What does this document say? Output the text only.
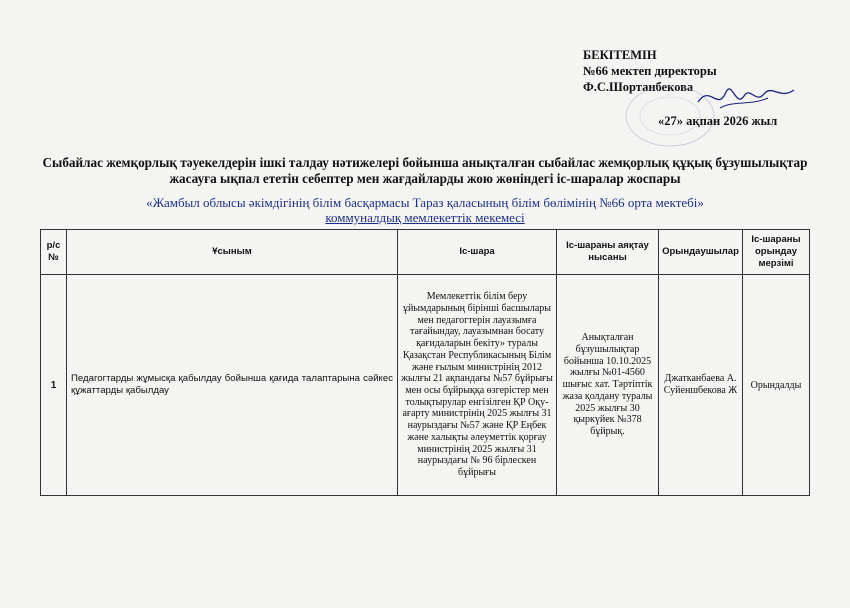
БЕКІТЕМІН
№66 мектеп директоры
Ф.С.Шортанбекова
«27» ақпан 2026 жыл
Сыбайлас жемқорлық тәуекелдерін ішкі талдау нәтижелері бойынша анықталған сыбайлас жемқорлық құқық бұзушылықтар жасауға ықпал ететін себептер мен жағдайларды жою жөніндегі іс-шаралар жоспары
«Жамбыл облысы әкімдігінің білім басқармасы Тараз қаласының білім бөлімінің №66 орта мектебі»
коммуналдық мемлекеттік мекемесі
р/с №	Ұсыным	Іс-шара	Іс-шараны аяқтау нысаны	Орындаушылар	Іс-шараны орындау мерзімі
1	Педагогтарды жұмысқа қабылдау бойынша қағида талаптарына сәйкес құжаттарды қабылдау	Мемлекеттік білім беру ұйымдарының бірінші басшылары мен педагогтерін лауазымға тағайындау, лауазымнан босату қағидаларын бекіту» туралы Қазақстан Республикасының Білім және ғылым министрінің 2012 жылғы 21 ақпандағы №57 бұйрығы мен осы бұйрыққа өзгерістер мен толықтырулар енгізілген ҚР Оқу-ағарту министрінің 2025 жылғы 31 наурыздағы №57 және ҚР Еңбек және халықты әлеуметтік қорғау министрінің 2025 жылғы 31 наурыздағы № 96 бірлескен бұйрығы	Анықталған бұзушылықтар бойынша 10.10.2025 жылғы №01-4560 шығыс хат. Тәртіптік жаза қолдану туралы 2025 жылғы 30 қыркүйек №378 бұйрық.	Джатканбаева А. Суйеншбекова Ж	Орындалды
